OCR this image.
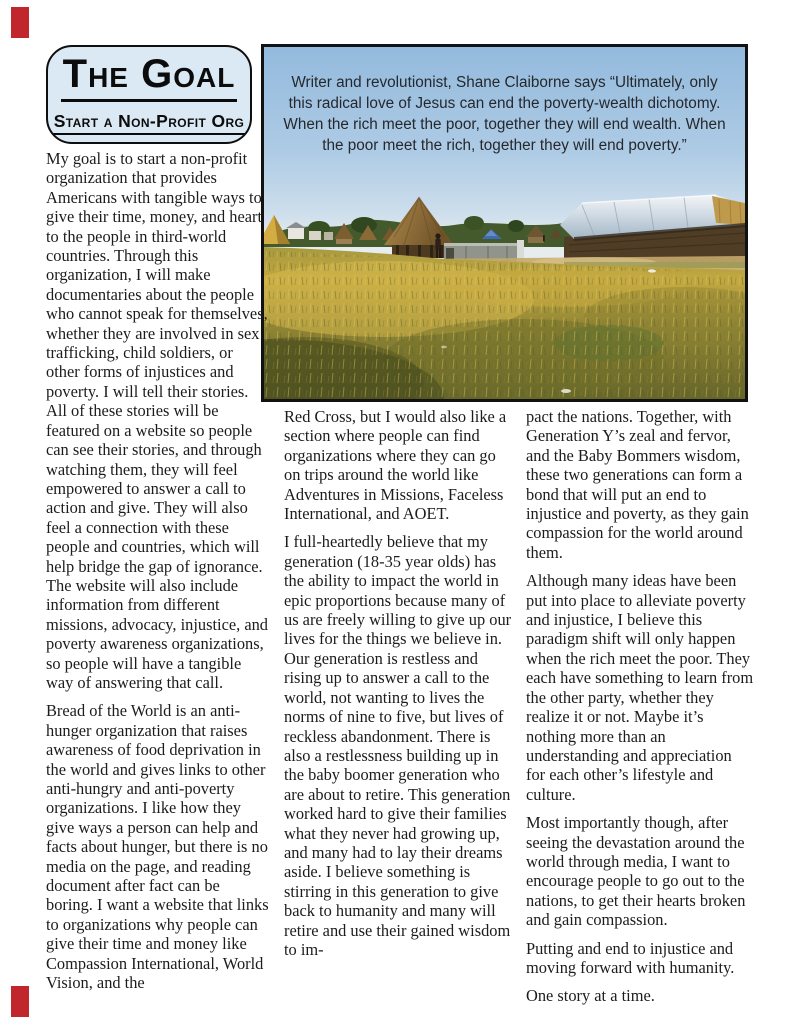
The Goal
Start a Non-Profit Org
Writer and revolutionist, Shane Claiborne says “Ultimately, only this radical love of Jesus can end the poverty-wealth dichotomy. When the rich meet the poor, together they will end wealth. When the poor meet the rich, together they will end poverty.”

My goal is to start a non-profit organization that provides Americans with tangible ways to give their time, money, and heart to the people in third-world countries. Through this organization, I will make documentaries about the people who cannot speak for themselves, whether they are involved in sex trafficking, child soldiers, or other forms of injustices and poverty. I will tell their stories. All of these stories will be featured on a website so people can see their stories, and through watching them, they will feel empowered to answer a call to action and give. They will also feel a connection with these people and countries, which will help bridge the gap of ignorance. The website will also include information from different missions, advocacy, injustice, and poverty awareness organizations, so people will have a tangible way of answering that call.

Bread of the World is an anti-hunger organization that raises awareness of food deprivation in the world and gives links to other anti-hungry and anti-poverty organizations. I like how they give ways a person can help and facts about hunger, but there is no media on the page, and reading document after fact can be boring. I want a website that links to organizations why people can give their time and money like Compassion International, World Vision, and the

Red Cross, but I would also like a section where people can find organizations where they can go on trips around the world like Adventures in Missions, Faceless International, and AOET.

I full-heartedly believe that my generation (18-35 year olds) has the ability to impact the world in epic proportions because many of us are freely willing to give up our lives for the things we believe in. Our generation is restless and rising up to answer a call to the world, not wanting to lives the norms of nine to five, but lives of reckless abandonment. There is also a restlessness building up in the baby boomer generation who are about to retire. This generation worked hard to give their families what they never had growing up, and many had to lay their dreams aside. I believe something is stirring in this generation to give back to humanity and many will retire and use their gained wisdom to im-

pact the nations. Together, with Generation Y’s zeal and fervor, and the Baby Bommers wisdom, these two generations can form a bond that will put an end to injustice and poverty, as they gain compassion for the world around them.

Although many ideas have been put into place to alleviate poverty and injustice, I believe this paradigm shift will only happen when the rich meet the poor. They each have something to learn from the other party, whether they realize it or not. Maybe it’s nothing more than an understanding and appreciation for each other’s lifestyle and culture.

Most importantly though, after seeing the devastation around the world through media, I want to encourage people to go out to the nations, to get their hearts broken and gain compassion.

Putting and end to injustice and moving forward with humanity.

One story at a time.
